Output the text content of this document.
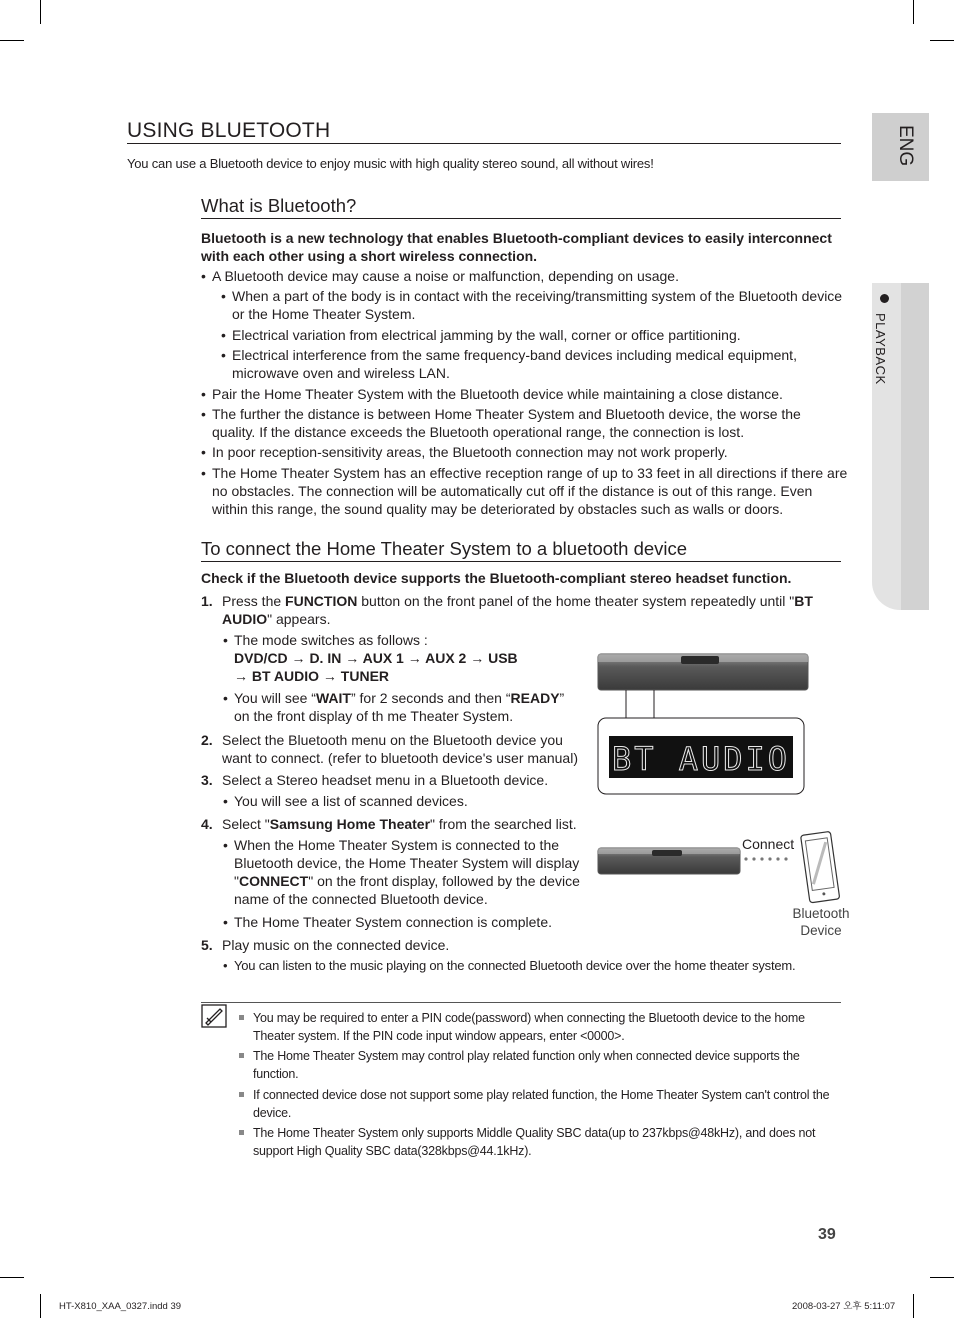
ENG
PLAYBACK
USING BLUETOOTH
You can use a Bluetooth device to enjoy music with high quality stereo sound, all without wires!
What is Bluetooth?
Bluetooth is a new technology that enables Bluetooth-compliant devices to easily interconnect
with each other using a short wireless connection.
• A Bluetooth device may cause a noise or malfunction, depending on usage.
• When a part of the body is in contact with the receiving/transmitting system of the Bluetooth device
or the Home Theater System.
• Electrical variation from electrical jamming by the wall, corner or office partitioning.
• Electrical interference from the same frequency-band devices including medical equipment,
microwave oven and wireless LAN.
• Pair the Home Theater System with the Bluetooth device while maintaining a close distance.
• The further the distance is between Home Theater System and Bluetooth device, the worse the
quality. If the distance exceeds the Bluetooth operational range, the connection is lost.
• In poor reception-sensitivity areas, the Bluetooth connection may not work properly.
• The Home Theater System has an effective reception range of up to 33 feet in all directions if there are
no obstacles. The connection will be automatically cut off if the distance is out of this range. Even
within this range, the sound quality may be deteriorated by obstacles such as walls or doors.
To connect the Home Theater System to a bluetooth device
Check if the Bluetooth device supports the Bluetooth-compliant stereo headset function.
1. Press the FUNCTION button on the front panel of the home theater system repeatedly until "BT
AUDIO" appears.
• The mode switches as follows :
DVD/CD → D. IN → AUX 1 → AUX 2 → USB
→ BT AUDIO → TUNER
• You will see “WAIT” for 2 seconds and then “READY”
on the front display of th me Theater System.
2. Select the Bluetooth menu on the Bluetooth device you
want to connect. (refer to bluetooth device's user manual)
3. Select a Stereo headset menu in a Bluetooth device.
• You will see a list of scanned devices.
4. Select "Samsung Home Theater" from the searched list.
• When the Home Theater System is connected to the
Bluetooth device, the Home Theater System will display
"CONNECT" on the front display, followed by the device
name of the connected Bluetooth device.
• The Home Theater System connection is complete.
5. Play music on the connected device.
• You can listen to the music playing on the connected Bluetooth device over the home theater system.
BT AUDIO
Connect
Bluetooth
Device
You may be required to enter a PIN code(password) when connecting the Bluetooth device to the home
Theater system. If the PIN code input window appears, enter <0000>.
The Home Theater System may control play related function only when connected device supports the
function.
If connected device dose not support some play related function, the Home Theater System can't control the
device.
The Home Theater System only supports Middle Quality SBC data(up to 237kbps@48kHz), and does not
support High Quality SBC data(328kbps@44.1kHz).
39
HT-X810_XAA_0327.indd 39	2008-03-27 오후 5:11:07
